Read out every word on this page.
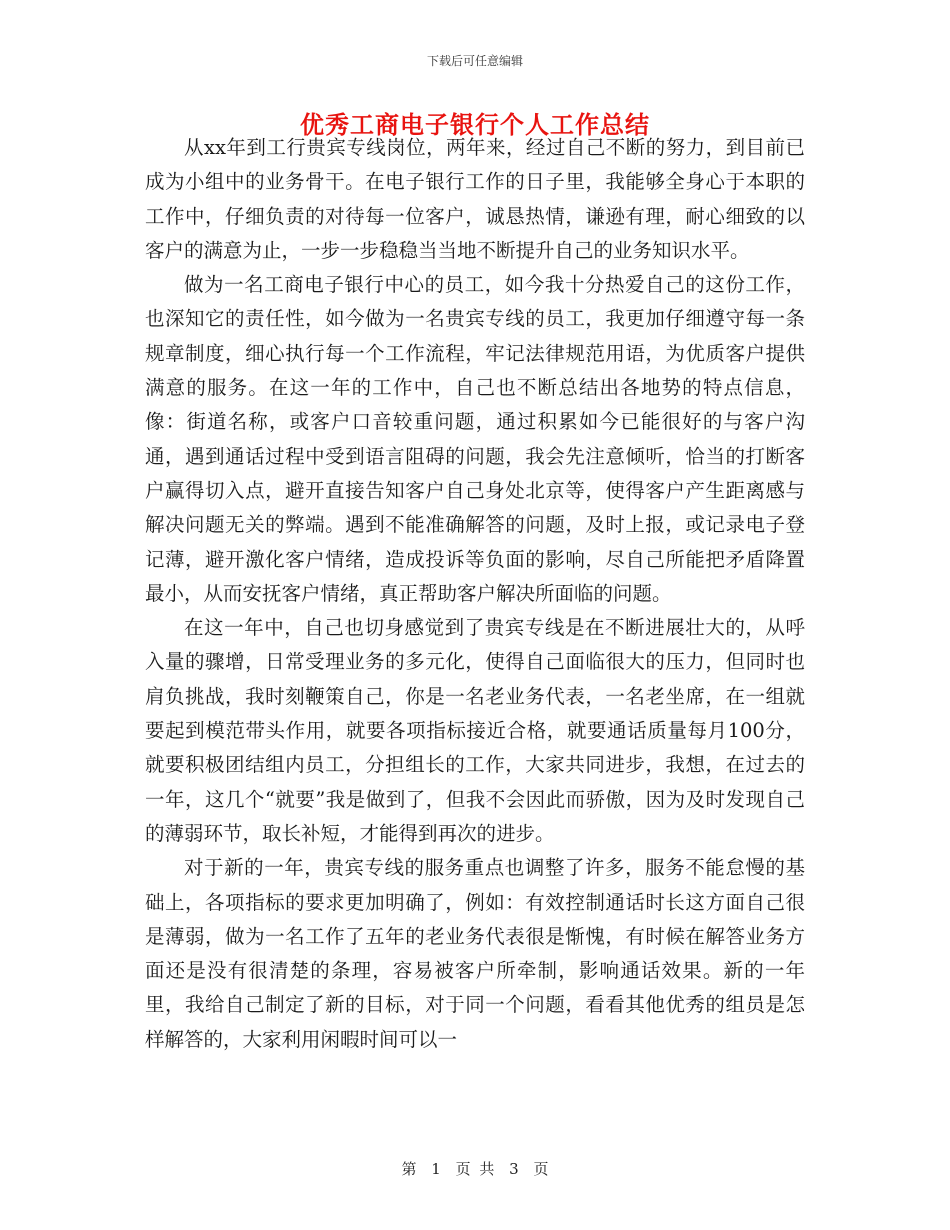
下载后可任意编辑
优秀工商电子银行个人工作总结

从xx年到工行贵宾专线岗位，两年来，经过自己不断的努力，到目前已成为小组中的业务骨干。在电子银行工作的日子里，我能够全身心于本职的工作中，仔细负责的对待每一位客户，诚恳热情，谦逊有理，耐心细致的以客户的满意为止，一步一步稳稳当当地不断提升自己的业务知识水平。

做为一名工商电子银行中心的员工，如今我十分热爱自己的这份工作，也深知它的责任性，如今做为一名贵宾专线的员工，我更加仔细遵守每一条规章制度，细心执行每一个工作流程，牢记法律规范用语，为优质客户提供满意的服务。在这一年的工作中，自己也不断总结出各地势的特点信息，像：街道名称，或客户口音较重问题，通过积累如今已能很好的与客户沟通，遇到通话过程中受到语言阻碍的问题，我会先注意倾听，恰当的打断客户赢得切入点，避开直接告知客户自己身处北京等，使得客户产生距离感与解决问题无关的弊端。遇到不能准确解答的问题，及时上报，或记录电子登记薄，避开激化客户情绪，造成投诉等负面的影响，尽自己所能把矛盾降置最小，从而安抚客户情绪，真正帮助客户解决所面临的问题。

在这一年中，自己也切身感觉到了贵宾专线是在不断进展壮大的，从呼入量的骤增，日常受理业务的多元化，使得自己面临很大的压力，但同时也肩负挑战，我时刻鞭策自己，你是一名老业务代表，一名老坐席，在一组就要起到模范带头作用，就要各项指标接近合格，就要通话质量每月100分，就要积极团结组内员工，分担组长的工作，大家共同进步，我想，在过去的一年，这几个“就要”我是做到了，但我不会因此而骄傲，因为及时发现自己的薄弱环节，取长补短，才能得到再次的进步。

对于新的一年，贵宾专线的服务重点也调整了许多，服务不能怠慢的基础上，各项指标的要求更加明确了，例如：有效控制通话时长这方面自己很是薄弱，做为一名工作了五年的老业务代表很是惭愧，有时候在解答业务方面还是没有很清楚的条理，容易被客户所牵制，影响通话效果。新的一年里，我给自己制定了新的目标，对于同一个问题，看看其他优秀的组员是怎样解答的，大家利用闲暇时间可以一

第 1 页 共 3 页
